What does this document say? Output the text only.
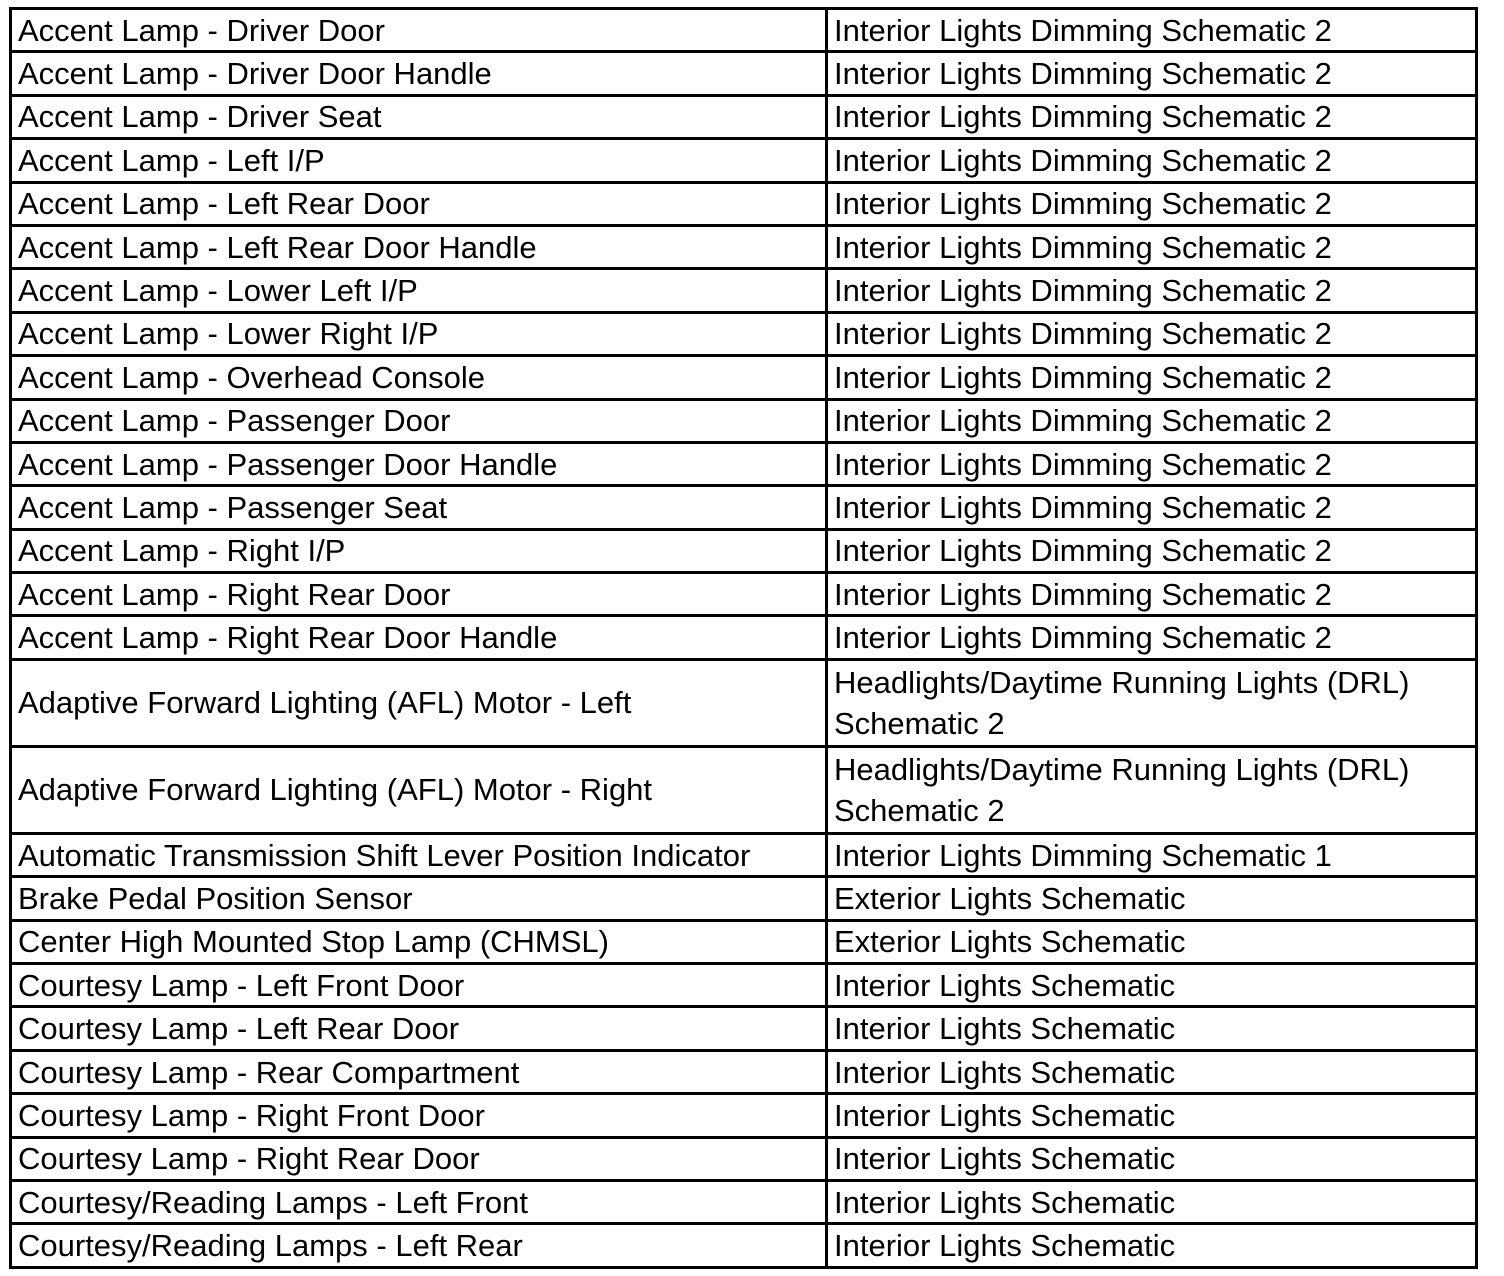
Accent Lamp - Driver Door	Interior Lights Dimming Schematic 2
Accent Lamp - Driver Door Handle	Interior Lights Dimming Schematic 2
Accent Lamp - Driver Seat	Interior Lights Dimming Schematic 2
Accent Lamp - Left I/P	Interior Lights Dimming Schematic 2
Accent Lamp - Left Rear Door	Interior Lights Dimming Schematic 2
Accent Lamp - Left Rear Door Handle	Interior Lights Dimming Schematic 2
Accent Lamp - Lower Left I/P	Interior Lights Dimming Schematic 2
Accent Lamp - Lower Right I/P	Interior Lights Dimming Schematic 2
Accent Lamp - Overhead Console	Interior Lights Dimming Schematic 2
Accent Lamp - Passenger Door	Interior Lights Dimming Schematic 2
Accent Lamp - Passenger Door Handle	Interior Lights Dimming Schematic 2
Accent Lamp - Passenger Seat	Interior Lights Dimming Schematic 2
Accent Lamp - Right I/P	Interior Lights Dimming Schematic 2
Accent Lamp - Right Rear Door	Interior Lights Dimming Schematic 2
Accent Lamp - Right Rear Door Handle	Interior Lights Dimming Schematic 2
Adaptive Forward Lighting (AFL) Motor - Left	Headlights/Daytime Running Lights (DRL) Schematic 2
Adaptive Forward Lighting (AFL) Motor - Right	Headlights/Daytime Running Lights (DRL) Schematic 2
Automatic Transmission Shift Lever Position Indicator	Interior Lights Dimming Schematic 1
Brake Pedal Position Sensor	Exterior Lights Schematic
Center High Mounted Stop Lamp (CHMSL)	Exterior Lights Schematic
Courtesy Lamp - Left Front Door	Interior Lights Schematic
Courtesy Lamp - Left Rear Door	Interior Lights Schematic
Courtesy Lamp - Rear Compartment	Interior Lights Schematic
Courtesy Lamp - Right Front Door	Interior Lights Schematic
Courtesy Lamp - Right Rear Door	Interior Lights Schematic
Courtesy/Reading Lamps - Left Front	Interior Lights Schematic
Courtesy/Reading Lamps - Left Rear	Interior Lights Schematic
